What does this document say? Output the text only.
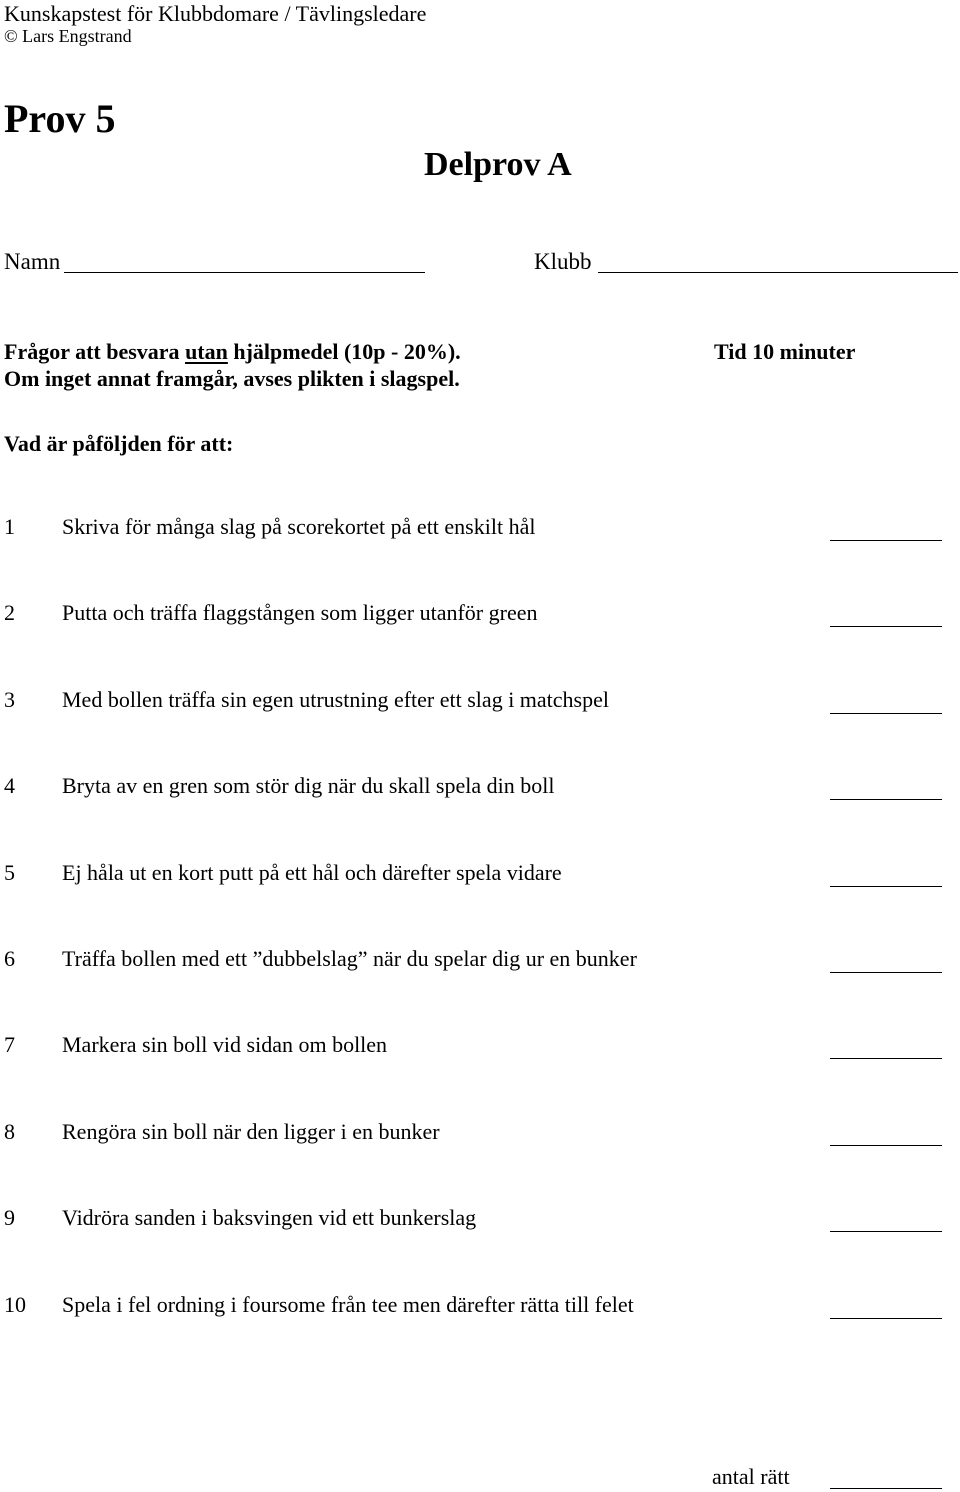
Kunskapstest för Klubbdomare / Tävlingsledare
© Lars Engstrand
Prov 5
Delprov A
Namn	Klubb
Frågor att besvara utan hjälpmedel (10p - 20%).	Tid 10 minuter
Om inget annat framgår, avses plikten i slagspel.
Vad är påföljden för att:
1 Skriva för många slag på scorekortet på ett enskilt hål
2 Putta och träffa flaggstången som ligger utanför green
3 Med bollen träffa sin egen utrustning efter ett slag i matchspel
4 Bryta av en gren som stör dig när du skall spela din boll
5 Ej håla ut en kort putt på ett hål och därefter spela vidare
6 Träffa bollen med ett ”dubbelslag” när du spelar dig ur en bunker
7 Markera sin boll vid sidan om bollen
8 Rengöra sin boll när den ligger i en bunker
9 Vidröra sanden i baksvingen vid ett bunkerslag
10 Spela i fel ordning i foursome från tee men därefter rätta till felet
antal rätt
